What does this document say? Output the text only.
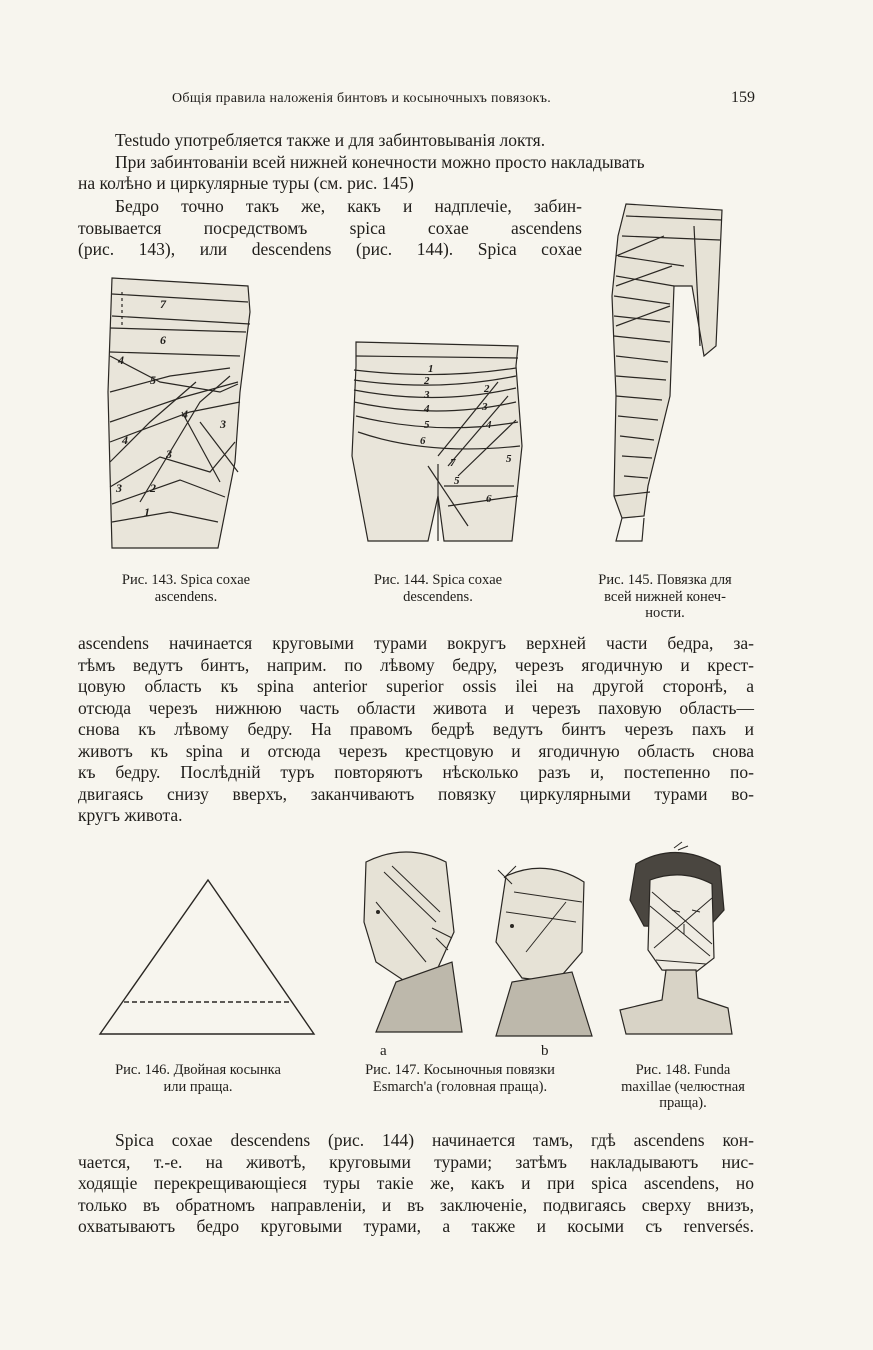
Общія правила наложенія бинтовъ и косыночныхъ повязокъ.	159
Testudo употребляется также и для забинтовыванія локтя.
При забинтованіи всей нижней конечности можно просто накладывать
на колѣно и циркулярные туры (см. рис. 145)
Бедро точно такъ же, какъ и надплечіе, забин-
товывается посредствомъ spica coxae ascendens
(рис. 143), или descendens (рис. 144). Spica coxae
7
6
5
4
4
4
3
3
3 2
1
1
2
2
3
3
4
4
5
5
6
6
5
7
Рис. 143. Spica coxae
ascendens.
Рис. 144. Spica coxae
descendens.
Рис. 145. Повязка для
всей нижней конеч-
ности.
ascendens начинается круговыми турами вокругъ верхней части бедра, за-
тѣмъ ведутъ бинтъ, наприм. по лѣвому бедру, черезъ ягодичную и крест-
цовую область къ spina anterior superior ossis ilei на другой сторонѣ, а
отсюда черезъ нижнюю часть области живота и черезъ паховую область—
снова къ лѣвому бедру. На правомъ бедрѣ ведутъ бинтъ черезъ пахъ и
животъ къ spina и отсюда черезъ крестцовую и ягодичную область снова
къ бедру. Послѣдній туръ повторяютъ нѣсколько разъ и, постепенно по-
двигаясь снизу вверхъ, заканчиваютъ повязку циркулярными турами во-
кругъ живота.
a	b
Рис. 146. Двойная косынка
или праща.
Рис. 147. Косыночныя повязки
Esmarch'a (головная праща).
Рис. 148. Funda
maxillae (челюстная
праща).
Spica coxae descendens (рис. 144) начинается тамъ, гдѣ ascendens кон-
чается, т.-е. на животѣ, круговыми турами; затѣмъ накладываютъ нис-
ходящіе перекрещивающіеся туры такіе же, какъ и при spica ascendens, но
только въ обратномъ направленіи, и въ заключеніе, подвигаясь сверху внизъ,
охватываютъ бедро круговыми турами, а также и косыми съ renversés.
